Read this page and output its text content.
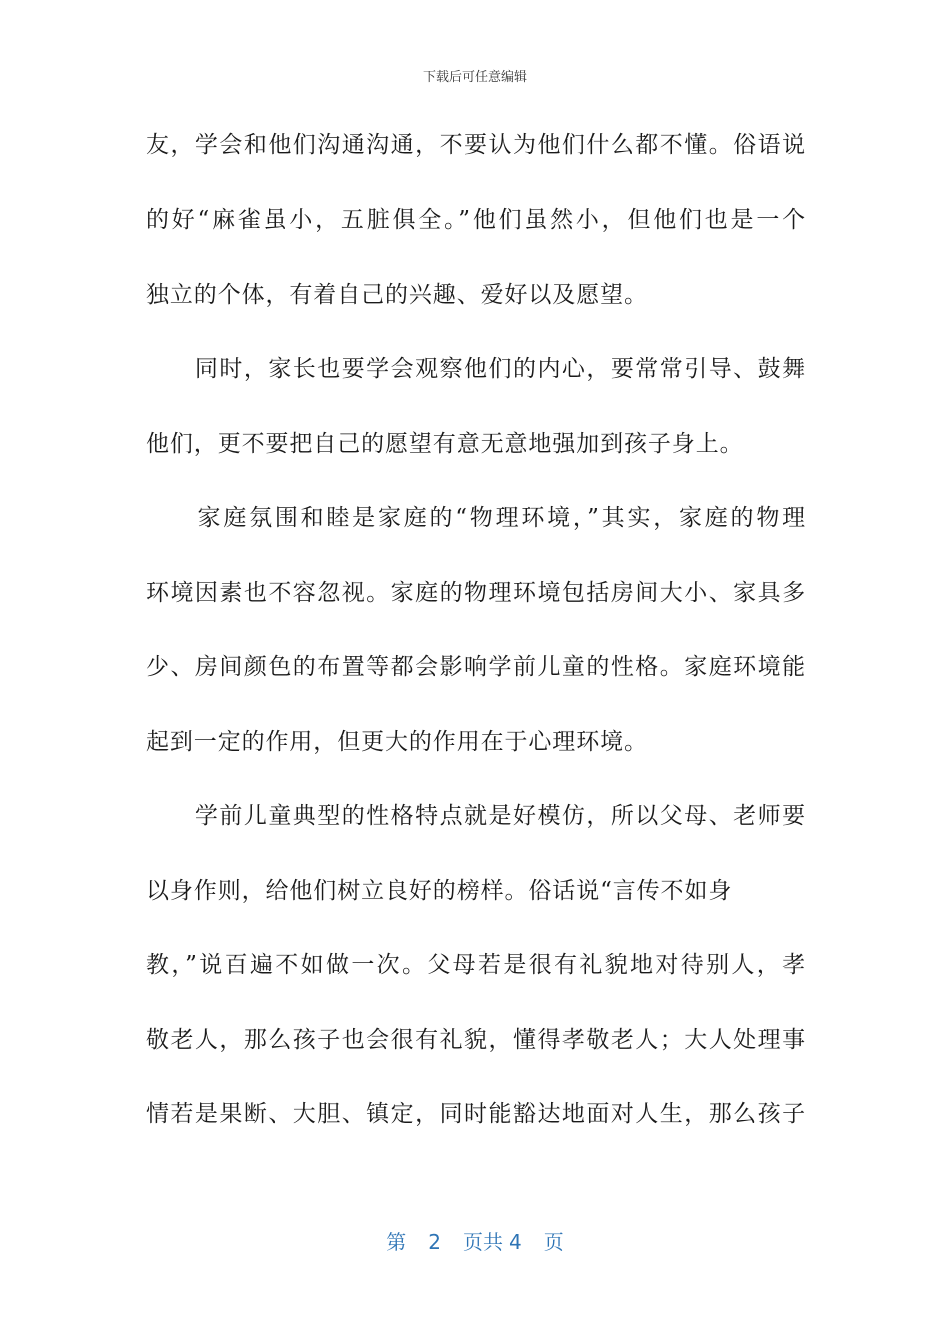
下载后可任意编辑
友，学会和他们沟通沟通，不要认为他们什么都不懂。俗语说
的好“麻雀虽小，五脏俱全。”他们虽然小，但他们也是一个
独立的个体，有着自己的兴趣、爱好以及愿望。
　　同时，家长也要学会观察他们的内心，要常常引导、鼓舞
他们，更不要把自己的愿望有意无意地强加到孩子身上。
　　家庭氛围和睦是家庭的“物理环境，”其实，家庭的物理
环境因素也不容忽视。家庭的物理环境包括房间大小、家具多
少、房间颜色的布置等都会影响学前儿童的性格。家庭环境能
起到一定的作用，但更大的作用在于心理环境。
　　学前儿童典型的性格特点就是好模仿，所以父母、老师要
以身作则，给他们树立良好的榜样。俗话说“言传不如身
教，”说百遍不如做一次。父母若是很有礼貌地对待别人，孝
敬老人，那么孩子也会很有礼貌，懂得孝敬老人；大人处理事
情若是果断、大胆、镇定，同时能豁达地面对人生，那么孩子
第 2 页共 4 页
